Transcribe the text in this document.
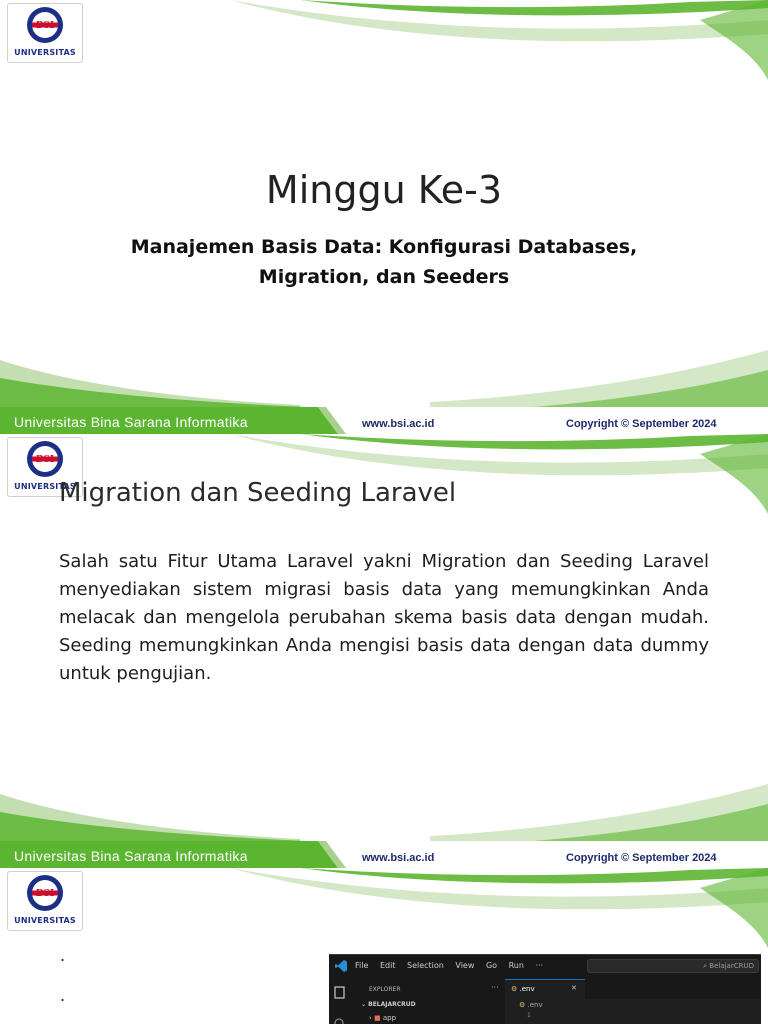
BSI
UNIVERSITAS
Minggu Ke-3
Manajemen Basis Data: Konfigurasi Databases,
Migration, dan Seeders
Universitas Bina Sarana Informatika	www.bsi.ac.id	Copyright © September 2024
BSI
UNIVERSITAS
Migration dan Seeding Laravel

Salah satu Fitur Utama Laravel yakni Migration dan Seeding Laravel menyediakan sistem migrasi basis data yang memungkinkan Anda melacak dan mengelola perubahan skema basis data dengan mudah. Seeding memungkinkan Anda mengisi basis data dengan data dummy untuk pengujian.

Universitas Bina Sarana Informatika	www.bsi.ac.id	Copyright © September 2024
BSI
UNIVERSITAS
.
.
File Edit Selection View Go Run ···	⌕ BelajarCRUD
EXPLORER	···
⌄ BELAJARCRUD
› ■ app
⚙ .env	✕
⚙ .env
1
